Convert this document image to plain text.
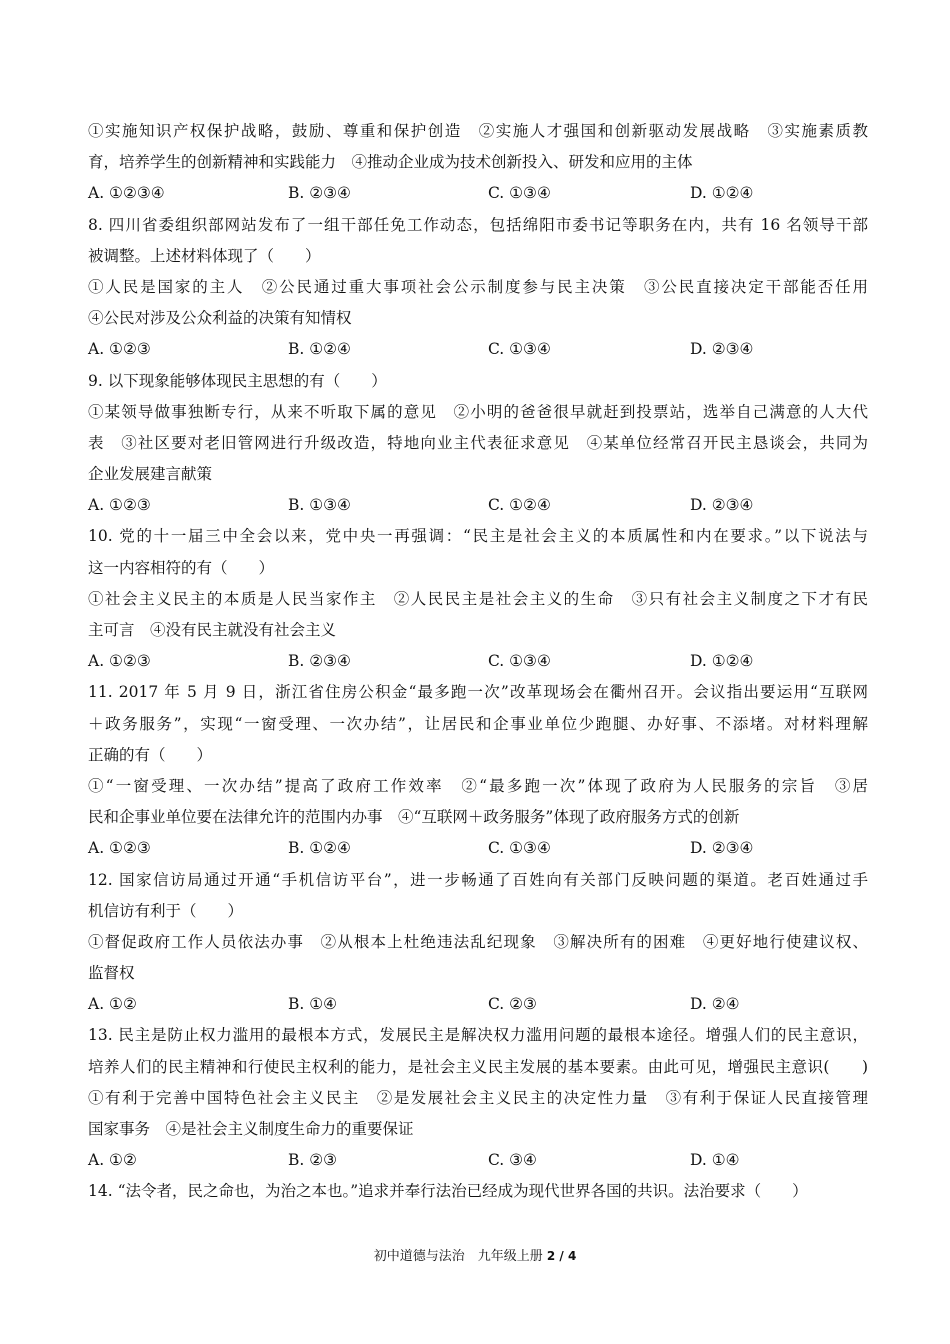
①实施知识产权保护战略，鼓励、尊重和保护创造　②实施人才强国和创新驱动发展战略　③实施素质教
育，培养学生的创新精神和实践能力　④推动企业成为技术创新投入、研发和应用的主体
A. ①②③④	B. ②③④	C. ①③④	D. ①②④
8. 四川省委组织部网站发布了一组干部任免工作动态，包括绵阳市委书记等职务在内，共有 16 名领导干部
被调整。上述材料体现了（　　）
①人民是国家的主人　②公民通过重大事项社会公示制度参与民主决策　③公民直接决定干部能否任用
④公民对涉及公众利益的决策有知情权
A. ①②③	B. ①②④	C. ①③④	D. ②③④
9. 以下现象能够体现民主思想的有（　　）
①某领导做事独断专行，从来不听取下属的意见　②小明的爸爸很早就赶到投票站，选举自己满意的人大代
表　③社区要对老旧管网进行升级改造，特地向业主代表征求意见　④某单位经常召开民主恳谈会，共同为
企业发展建言献策
A. ①②③	B. ①③④	C. ①②④	D. ②③④
10. 党的十一届三中全会以来，党中央一再强调：“民主是社会主义的本质属性和内在要求。”以下说法与
这一内容相符的有（　　）
①社会主义民主的本质是人民当家作主　②人民民主是社会主义的生命　③只有社会主义制度之下才有民
主可言　④没有民主就没有社会主义
A. ①②③	B. ②③④	C. ①③④	D. ①②④
11. 2017 年 5 月 9 日，浙江省住房公积金“最多跑一次”改革现场会在衢州召开。会议指出要运用“互联网
＋政务服务”，实现“一窗受理、一次办结”，让居民和企事业单位少跑腿、办好事、不添堵。对材料理解
正确的有（　　）
①“一窗受理、一次办结”提高了政府工作效率　②“最多跑一次”体现了政府为人民服务的宗旨　③居
民和企事业单位要在法律允许的范围内办事　④“互联网＋政务服务”体现了政府服务方式的创新
A. ①②③	B. ①②④	C. ①③④	D. ②③④
12. 国家信访局通过开通“手机信访平台”，进一步畅通了百姓向有关部门反映问题的渠道。老百姓通过手
机信访有利于（　　）
①督促政府工作人员依法办事　②从根本上杜绝违法乱纪现象　③解决所有的困难　④更好地行使建议权、
监督权
A. ①②	B. ①④	C. ②③	D. ②④
13. 民主是防止权力滥用的最根本方式，发展民主是解决权力滥用问题的最根本途径。增强人们的民主意识，
培养人们的民主精神和行使民主权利的能力，是社会主义民主发展的基本要素。由此可见，增强民主意识(　　)
①有利于完善中国特色社会主义民主　②是发展社会主义民主的决定性力量　③有利于保证人民直接管理
国家事务　④是社会主义制度生命力的重要保证
A. ①②	B. ②③	C. ③④	D. ①④
14. “法令者，民之命也，为治之本也。”追求并奉行法治已经成为现代世界各国的共识。法治要求（　　）
初中道德与法治　九年级上册 2 / 4
